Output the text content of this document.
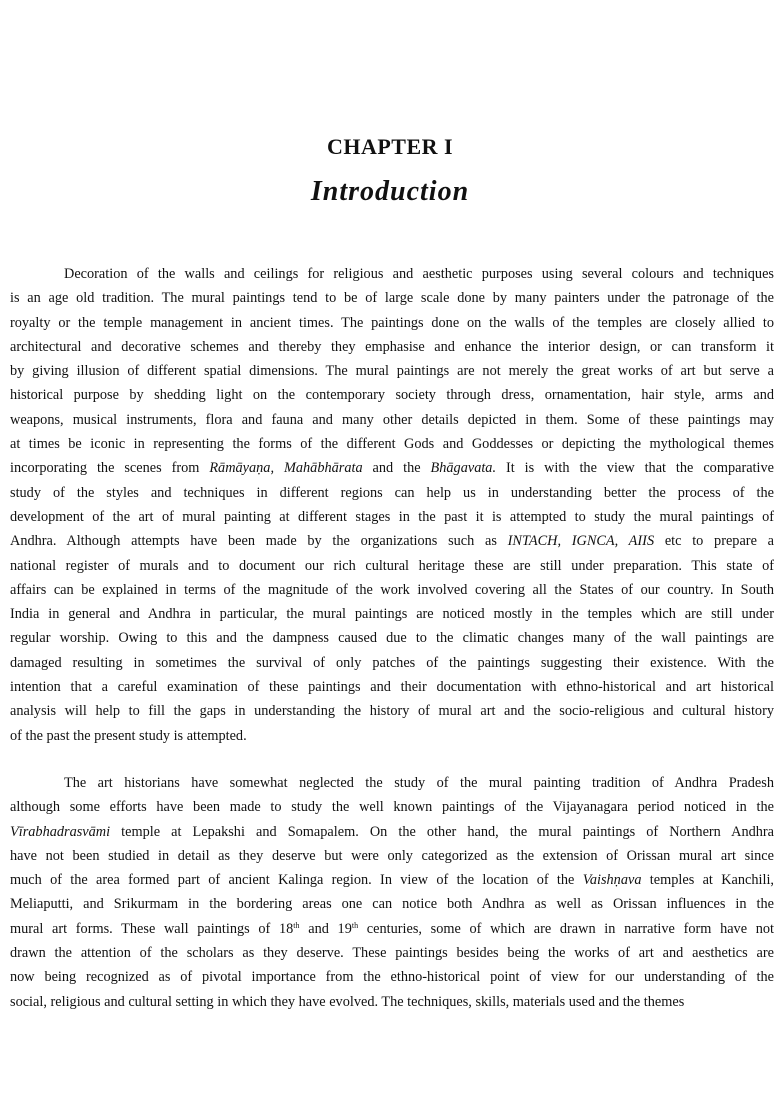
CHAPTER I
Introduction
Decoration of the walls and ceilings for religious and aesthetic purposes using several colours and techniques
is an age old tradition. The mural paintings tend to be of large scale done by many painters under the patronage of the
royalty or the temple management in ancient times. The paintings done on the walls of the temples are closely allied to
architectural and decorative schemes and thereby they emphasise and enhance the interior design, or can transform it
by giving illusion of different spatial dimensions. The mural paintings are not merely the great works of art but serve a
historical purpose by shedding light on the contemporary society through dress, ornamentation, hair style, arms and
weapons, musical instruments, flora and fauna and many other details depicted in them. Some of these paintings may
at times be iconic in representing the forms of the different Gods and Goddesses or depicting the mythological themes
incorporating the scenes from Rāmāyaṇa, Mahābhārata and the Bhāgavata. It is with the view that the comparative
study of the styles and techniques in different regions can help us in understanding better the process of the
development of the art of mural painting at different stages in the past it is attempted to study the mural paintings of
Andhra. Although attempts have been made by the organizations such as INTACH, IGNCA, AIIS etc to prepare a
national register of murals and to document our rich cultural heritage these are still under preparation. This state of
affairs can be explained in terms of the magnitude of the work involved covering all the States of our country. In South
India in general and Andhra in particular, the mural paintings are noticed mostly in the temples which are still under
regular worship. Owing to this and the dampness caused due to the climatic changes many of the wall paintings are
damaged resulting in sometimes the survival of only patches of the paintings suggesting their existence. With the
intention that a careful examination of these paintings and their documentation with ethno-historical and art historical
analysis will help to fill the gaps in understanding the history of mural art and the socio-religious and cultural history
of the past the present study is attempted.
The art historians have somewhat neglected the study of the mural painting tradition of Andhra Pradesh
although some efforts have been made to study the well known paintings of the Vijayanagara period noticed in the
Vīrabhadrasvāmi temple at Lepakshi and Somapalem. On the other hand, the mural paintings of Northern Andhra
have not been studied in detail as they deserve but were only categorized as the extension of Orissan mural art since
much of the area formed part of ancient Kalinga region. In view of the location of the Vaishṇava temples at Kanchili,
Meliaputti, and Srikurmam in the bordering areas one can notice both Andhra as well as Orissan influences in the
mural art forms. These wall paintings of 18th and 19th centuries, some of which are drawn in narrative form have not
drawn the attention of the scholars as they deserve. These paintings besides being the works of art and aesthetics are
now being recognized as of pivotal importance from the ethno-historical point of view for our understanding of the
social, religious and cultural setting in which they have evolved. The techniques, skills, materials used and the themes
